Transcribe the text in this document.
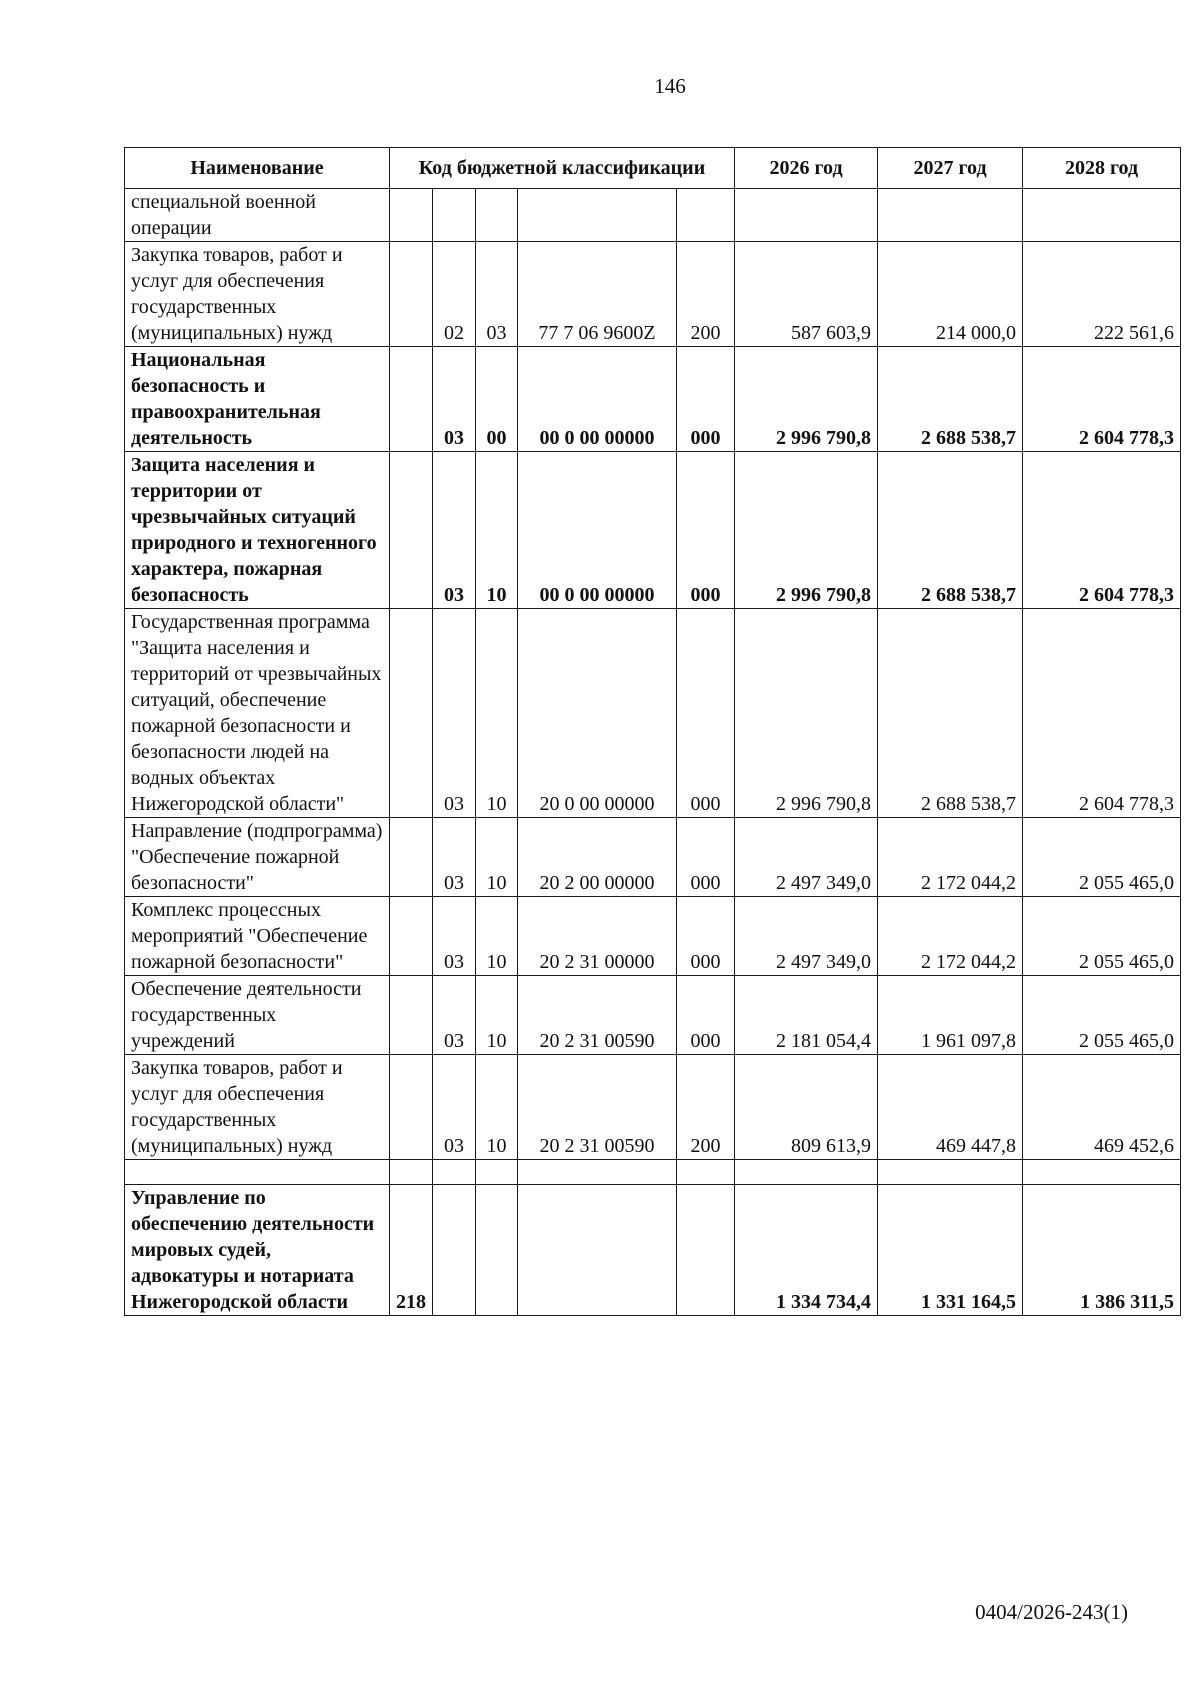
146
Наименование	Код бюджетной классификации					2026 год	2027 год	2028 год
специальной военной операции								
Закупка товаров, работ и услуг для обеспечения государственных (муниципальных) нужд		02	03	77 7 06 9600Z	200	587 603,9	214 000,0	222 561,6
Национальная безопасность и правоохранительная деятельность		03	00	00 0 00 00000	000	2 996 790,8	2 688 538,7	2 604 778,3
Защита населения и территории от чрезвычайных ситуаций природного и техногенного характера, пожарная безопасность		03	10	00 0 00 00000	000	2 996 790,8	2 688 538,7	2 604 778,3
Государственная программа "Защита населения и территорий от чрезвычайных ситуаций, обеспечение пожарной безопасности и безопасности людей на водных объектах Нижегородской области"		03	10	20 0 00 00000	000	2 996 790,8	2 688 538,7	2 604 778,3
Направление (подпрограмма) "Обеспечение пожарной безопасности"		03	10	20 2 00 00000	000	2 497 349,0	2 172 044,2	2 055 465,0
Комплекс процессных мероприятий "Обеспечение пожарной безопасности"		03	10	20 2 31 00000	000	2 497 349,0	2 172 044,2	2 055 465,0
Обеспечение деятельности государственных учреждений		03	10	20 2 31 00590	000	2 181 054,4	1 961 097,8	2 055 465,0
Закупка товаров, работ и услуг для обеспечения государственных (муниципальных) нужд		03	10	20 2 31 00590	200	809 613,9	469 447,8	469 452,6

Управление по обеспечению деятельности мировых судей, адвокатуры и нотариата Нижегородской области	218					1 334 734,4	1 331 164,5	1 386 311,5
0404/2026-243(1)
